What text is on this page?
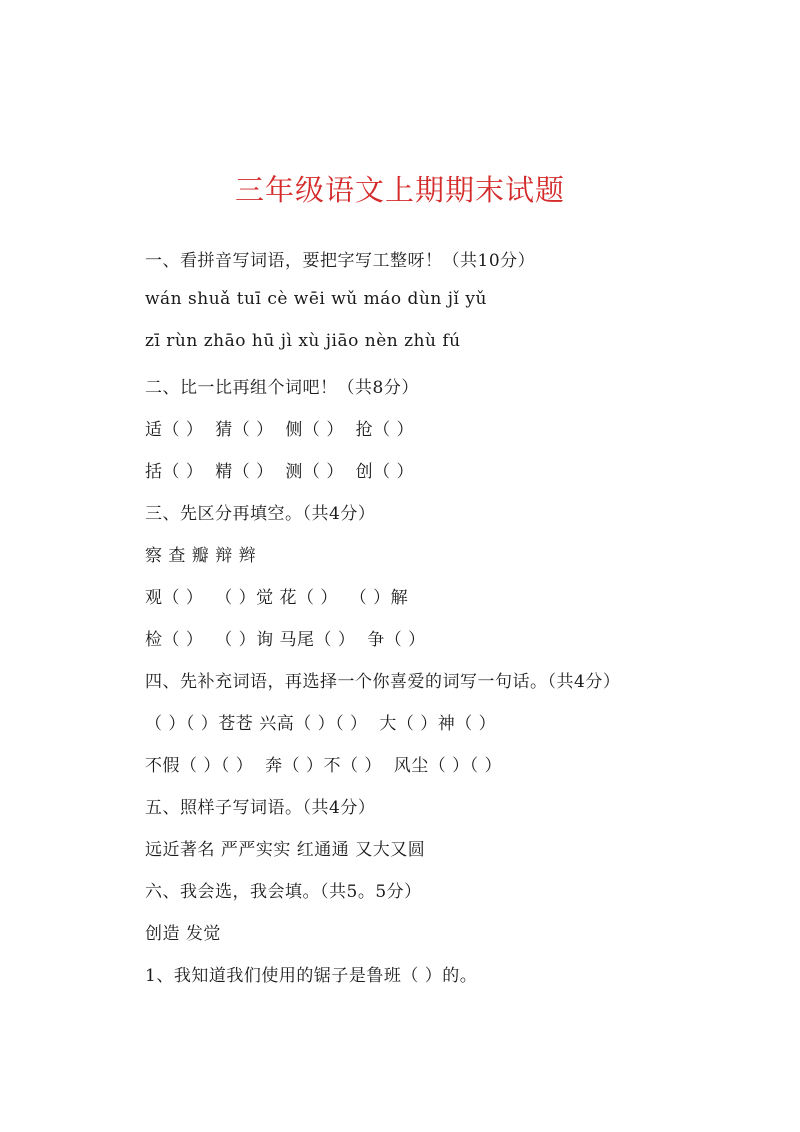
三年级语文上期期末试题
一、看拼音写词语，要把字写工整呀！（共10分）
wán shuǎ tuī cè wēi wǔ máo dùn jǐ yǔ
zī rùn zhāo hū jì xù jiāo nèn zhù fú
二、比一比再组个词吧！（共8分）
适（ ）  猜（ ）  侧（ ）  抢（ ）
括（ ）  精（ ）  测（ ）  创（ ）
三、先区分再填空。（共4分）
察 查 瓣 辩 辫
观（ ）  （ ）觉 花（ ）  （ ）解
检（ ）  （ ）询 马尾（ ）  争（ ）
四、先补充词语，再选择一个你喜爱的词写一句话。（共4分）
（ ）（ ）苍苍 兴高（ ）（ ）  大（ ）神（ ）
不假（ ）（ ）  奔（ ）不（ ）  风尘（ ）（ ）
五、照样子写词语。（共4分）
远近著名 严严实实 红通通 又大又圆
六、我会选，我会填。（共5。5分）
创造 发觉
1、我知道我们使用的锯子是鲁班（ ）的。
